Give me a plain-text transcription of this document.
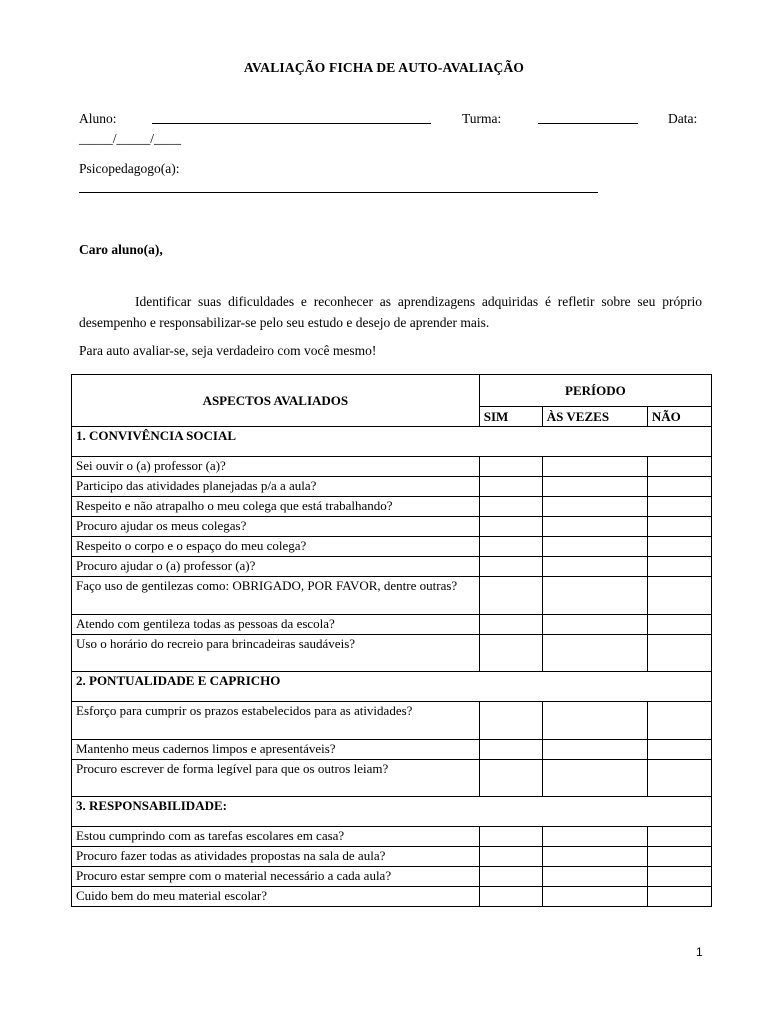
AVALIAÇÃO FICHA DE AUTO-AVALIAÇÃO
Aluno:	Turma:	Data:
_____/_____/____
Psicopedagogo(a):
Caro aluno(a),
Identificar suas dificuldades e reconhecer as aprendizagens adquiridas é refletir sobre seu próprio desempenho e responsabilizar-se pelo seu estudo e desejo de aprender mais.
Para auto avaliar-se, seja verdadeiro com você mesmo!
ASPECTOS AVALIADOS	PERÍODO		
	SIM	ÀS VEZES	NÃO
1. CONVIVÊNCIA SOCIAL			
Sei ouvir o (a) professor (a)?			
Participo das atividades planejadas p/a a aula?			
Respeito e não atrapalho o meu colega que está trabalhando?			
Procuro ajudar os meus colegas?			
Respeito o corpo e o espaço do meu colega?			
Procuro ajudar o (a) professor (a)?			
Faço uso de gentilezas como: OBRIGADO, POR FAVOR, dentre outras?			
Atendo com gentileza todas as pessoas da escola?			
Uso o horário do recreio para brincadeiras saudáveis?			
2. PONTUALIDADE E CAPRICHO			
Esforço para cumprir os prazos estabelecidos para as atividades?			
Mantenho meus cadernos limpos e apresentáveis?			
Procuro escrever de forma legível para que os outros leiam?			
3. RESPONSABILIDADE:			
Estou cumprindo com as tarefas escolares em casa?			
Procuro fazer todas as atividades propostas na sala de aula?			
Procuro estar sempre com o material necessário a cada aula?			
Cuido bem do meu material escolar?			
1
